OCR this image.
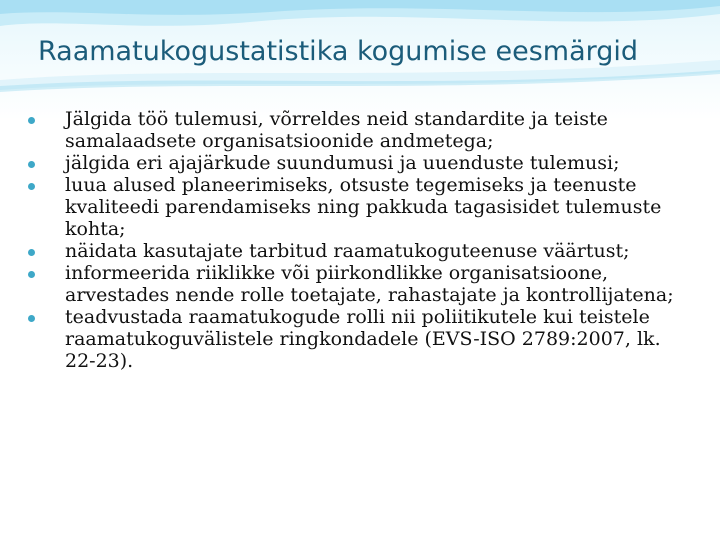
Raamatukogustatistika kogumise eesmärgid
Jälgida töö tulemusi, võrreldes neid standardite ja teiste samalaadsete organisatsioonide andmetega;
jälgida eri ajajärkude suundumusi ja uuenduste tulemusi;
luua alused planeerimiseks, otsuste tegemiseks ja teenuste kvaliteedi parendamiseks ning pakkuda tagasisidet tulemuste kohta;
näidata kasutajate tarbitud raamatukoguteenuse väärtust;
informeerida riiklikke või piirkondlikke organisatsioone, arvestades nende rolle toetajate, rahastajate ja kontrollijatena;
teadvustada raamatukogude rolli nii poliitikutele kui teistele raamatukoguvälistele ringkondadele (EVS-ISO 2789:2007, lk. 22-23).
